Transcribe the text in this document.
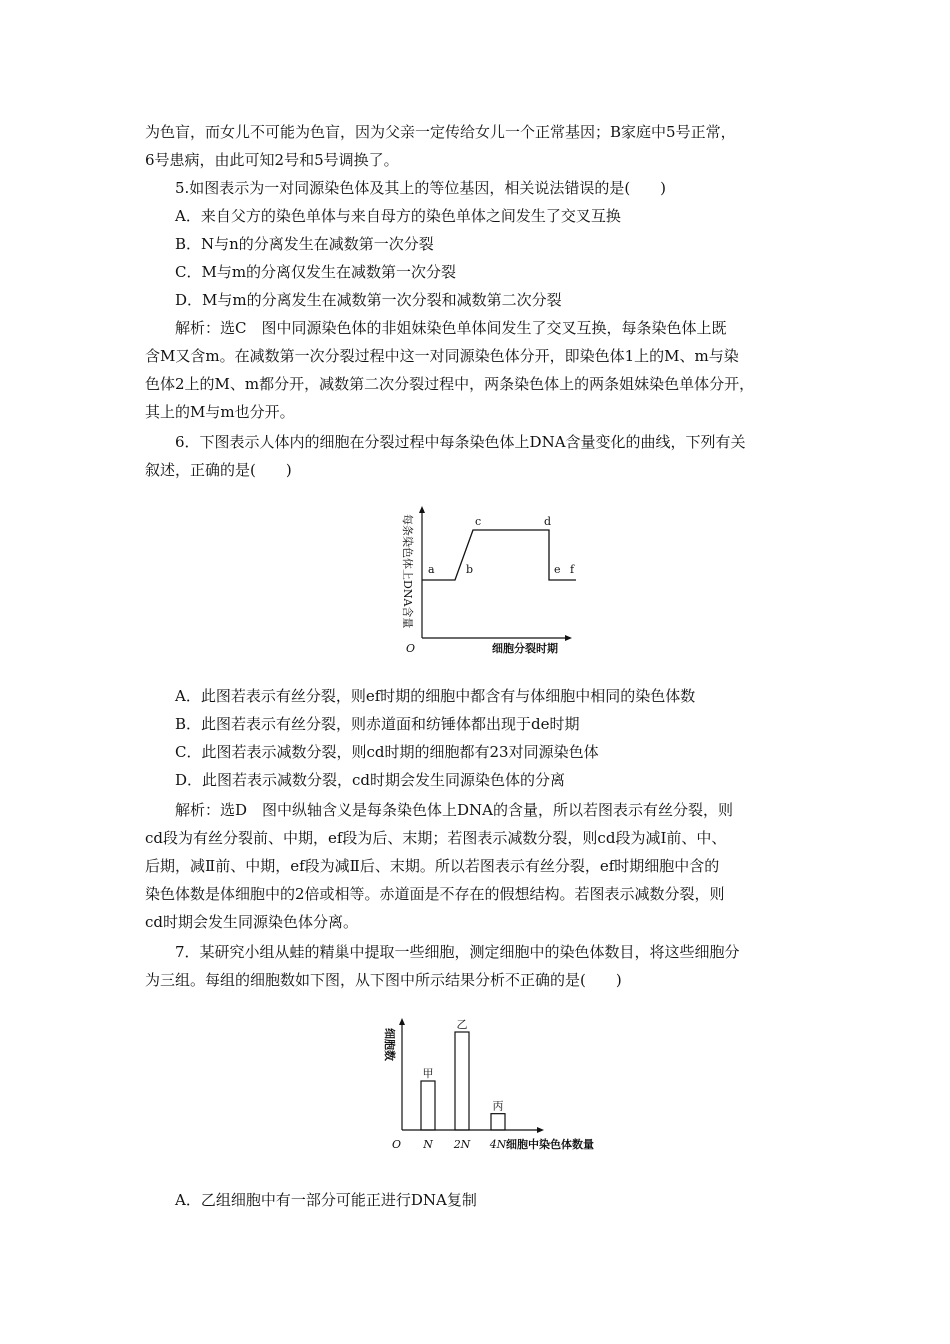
为色盲，而女儿不可能为色盲，因为父亲一定传给女儿一个正常基因；B家庭中5号正常，
6号患病，由此可知2号和5号调换了。
5.如图表示为一对同源染色体及其上的等位基因，相关说法错误的是(　　)
A．来自父方的染色单体与来自母方的染色单体之间发生了交叉互换
B．N与n的分离发生在减数第一次分裂
C．M与m的分离仅发生在减数第一次分裂
D．M与m的分离发生在减数第一次分裂和减数第二次分裂
解析：选C　图中同源染色体的非姐妹染色单体间发生了交叉互换，每条染色体上既
含M又含m。在减数第一次分裂过程中这一对同源染色体分开，即染色体1上的M、m与染
色体2上的M、m都分开，减数第二次分裂过程中，两条染色体上的两条姐妹染色单体分开，
其上的M与m也分开。
6．下图表示人体内的细胞在分裂过程中每条染色体上DNA含量变化的曲线，下列有关
叙述，正确的是(　　)
每条染色体上DNA含量
O	细胞分裂时期
a	b
c	d
e f
A．此图若表示有丝分裂，则ef时期的细胞中都含有与体细胞中相同的染色体数
B．此图若表示有丝分裂，则赤道面和纺锤体都出现于de时期
C．此图若表示减数分裂，则cd时期的细胞都有23对同源染色体
D．此图若表示减数分裂，cd时期会发生同源染色体的分离
解析：选D　图中纵轴含义是每条染色体上DNA的含量，所以若图表示有丝分裂，则
cd段为有丝分裂前、中期，ef段为后、末期；若图表示减数分裂，则cd段为减Ⅰ前、中、
后期，减Ⅱ前、中期，ef段为减Ⅱ后、末期。所以若图表示有丝分裂，ef时期细胞中含的
染色体数是体细胞中的2倍或相等。赤道面是不存在的假想结构。若图表示减数分裂，则
cd时期会发生同源染色体分离。
7．某研究小组从蛙的精巢中提取一些细胞，测定细胞中的染色体数目，将这些细胞分
为三组。每组的细胞数如下图，从下图中所示结果分析不正确的是(　　)
细胞数
O	细胞中染色体数量
甲
乙
丙
N 2N 4N
A．乙组细胞中有一部分可能正进行DNA复制
